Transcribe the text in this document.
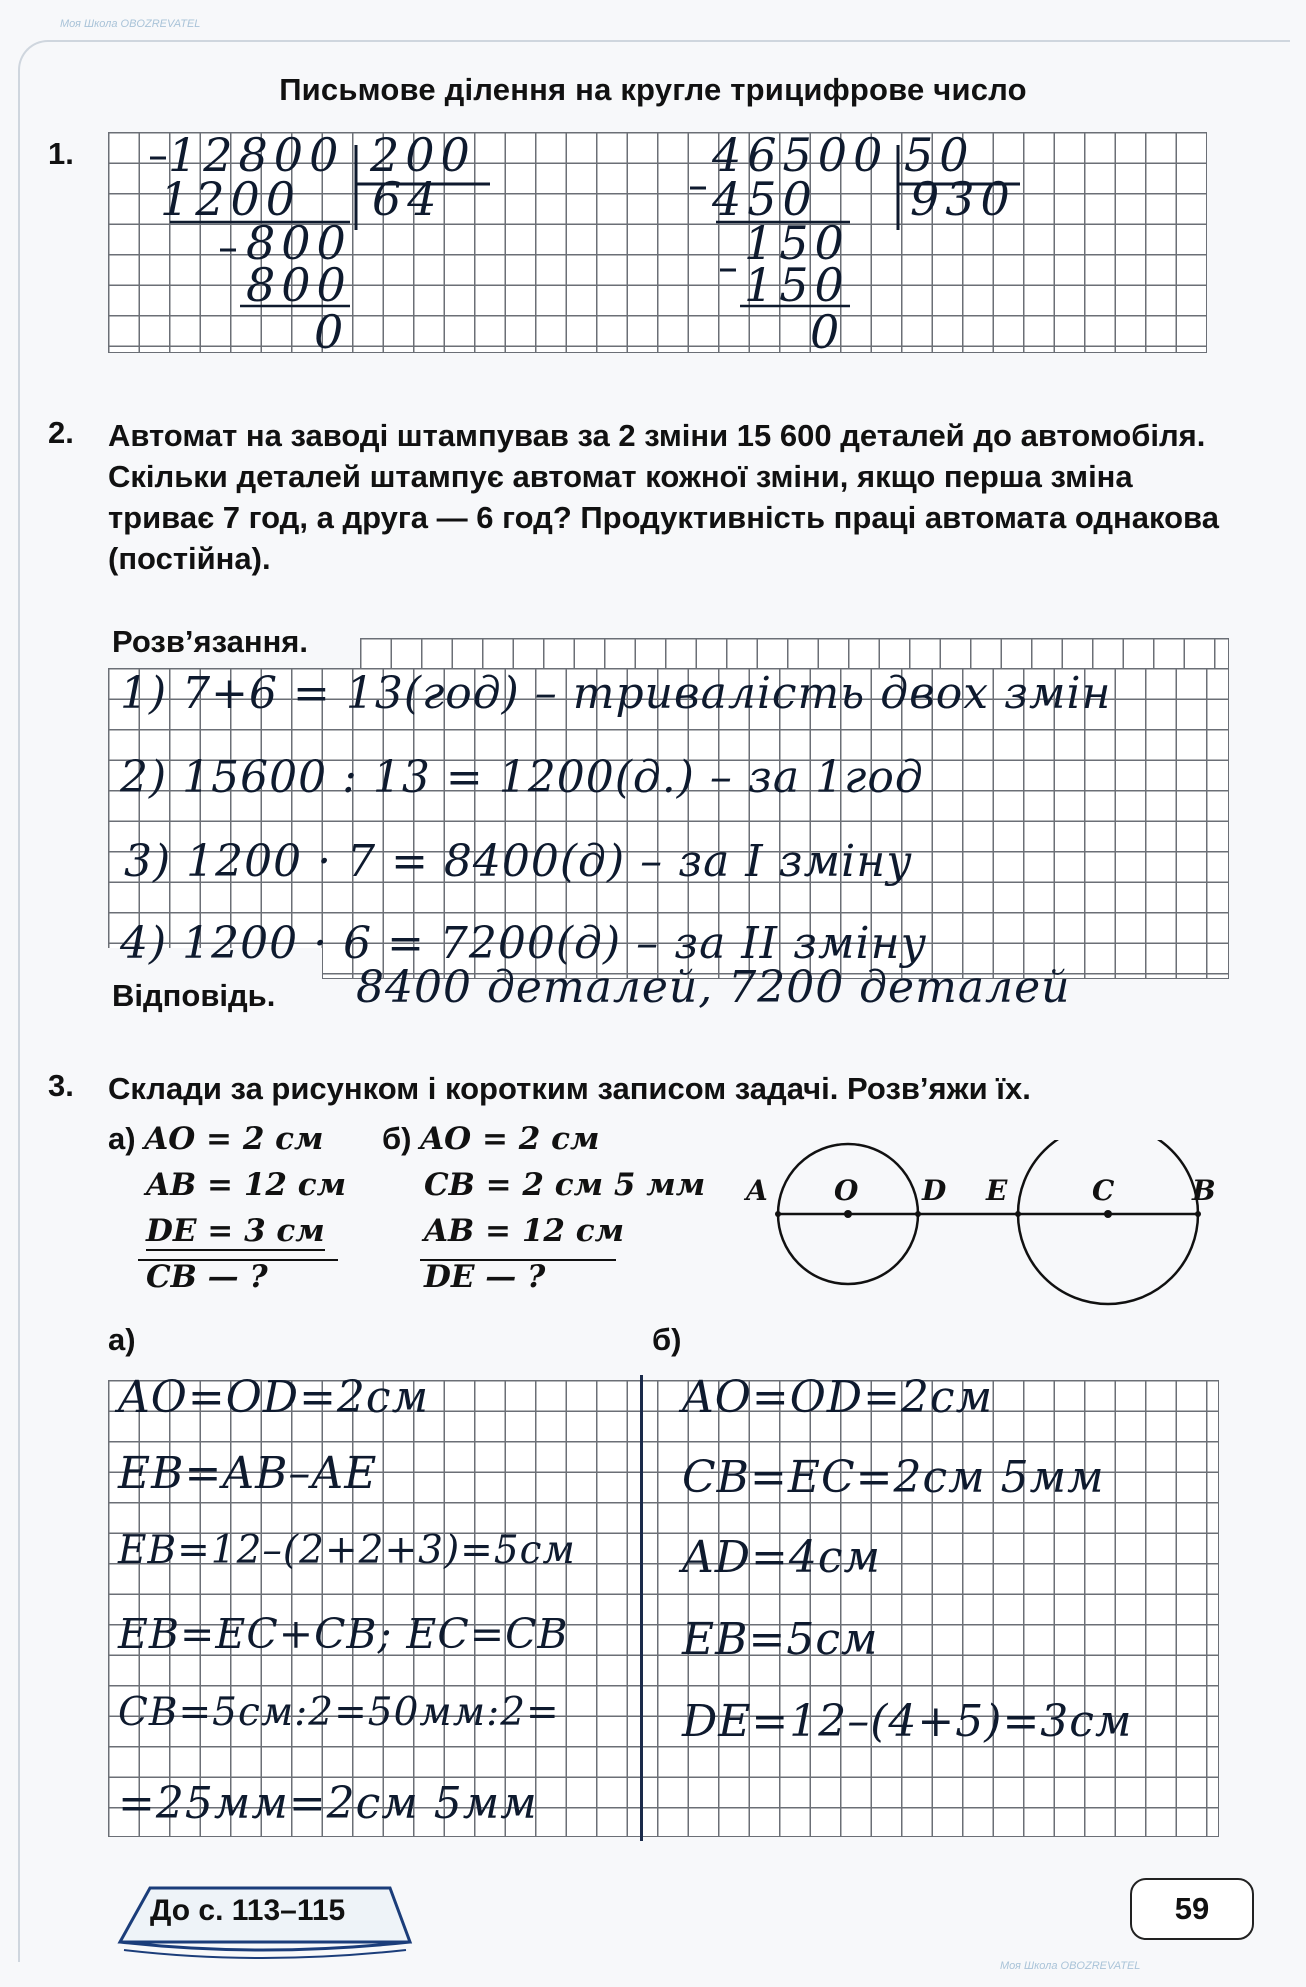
Моя Школа OBOZREVATEL
Моя Школа OBOZREVATEL
Письмове ділення на кругле трицифрове число
1. 12800 200
1200 64
800
800
0
46500 50
450 930
150
150
0
2. Автомат на заводі штампував за 2 зміни 15 600 деталей до автомобіля. Скільки деталей штампує автомат кожної зміни, якщо перша зміна триває 7 год, а друга — 6 год? Продуктивність праці автомата однакова (постійна).
Розв’язання.
Відповідь.
1) 7+6 = 13(год) – тривалість двох змін
2) 15600 : 13 = 1200(д.) – за 1год
3) 1200 · 7 = 8400(д) – за І зміну
4) 1200 · 6 = 7200(д) – за ІІ зміну
8400 деталей, 7200 деталей
3. Склади за рисунком і коротким записом задачі. Розв’яжи їх.
а) AO = 2 см
AB = 12 см
DE = 3 см
CB — ?
б) AO = 2 см
CB = 2 см 5 мм
AB = 12 см
DE — ?
A O D E	C	B
а)	б)
AO=OD=2см
EB=AB–AE
EB=12–(2+2+3)=5см
EB=EC+CB; EC=CB
CB=5см:2=50мм:2=
=25мм=2см 5мм
AO=OD=2см
CB=EC=2см 5мм
AD=4см
EB=5см
DE=12–(4+5)=3см
До с. 113–115	59
